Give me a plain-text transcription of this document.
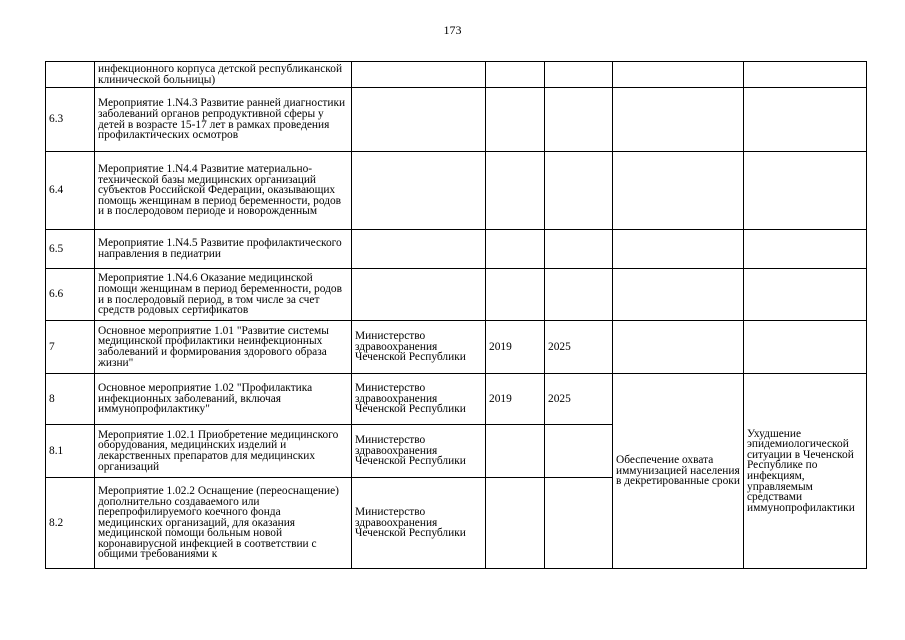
173
	инфекционного корпуса детской республиканской клинической больницы)					
6.3	Мероприятие 1.N4.3 Развитие ранней диагностики заболеваний органов репродуктивной сферы у детей в возрасте 15-17 лет в рамках проведения профилактических осмотров					
6.4	Мероприятие 1.N4.4 Развитие материально-технической базы медицинских организаций субъектов Российской Федерации, оказывающих помощь женщинам в период беременности, родов и в послеродовом периоде и новорожденным					
6.5	Мероприятие 1.N4.5 Развитие профилактического направления в педиатрии					
6.6	Мероприятие 1.N4.6 Оказание медицинской помощи женщинам в период беременности, родов и в послеродовый период, в том числе за счет средств родовых сертификатов					
7	Основное мероприятие 1.01 "Развитие системы медицинской профилактики неинфекционных заболеваний и формирования здорового образа жизни"	Министерство здравоохранения Чеченской Республики	2019	2025		
8	Основное мероприятие 1.02 "Профилактика инфекционных заболеваний, включая иммунопрофилактику"	Министерство здравоохранения Чеченской Республики	2019	2025	Обеспечение охвата иммунизацией населения в декретированные сроки	Ухудшение эпидемиологической ситуации в Чеченской Республике по инфекциям, управляемым средствами иммунопрофилактики
8.1	Мероприятие 1.02.1 Приобретение медицинского оборудования, медицинских изделий и лекарственных препаратов для медицинских организаций	Министерство здравоохранения Чеченской Республики				
8.2	Мероприятие 1.02.2 Оснащение (переоснащение) дополнительно создаваемого или перепрофилируемого коечного фонда медицинских организаций, для оказания медицинской помощи больным новой коронавирусной инфекцией в соответствии с общими требованиями к	Министерство здравоохранения Чеченской Республики				
